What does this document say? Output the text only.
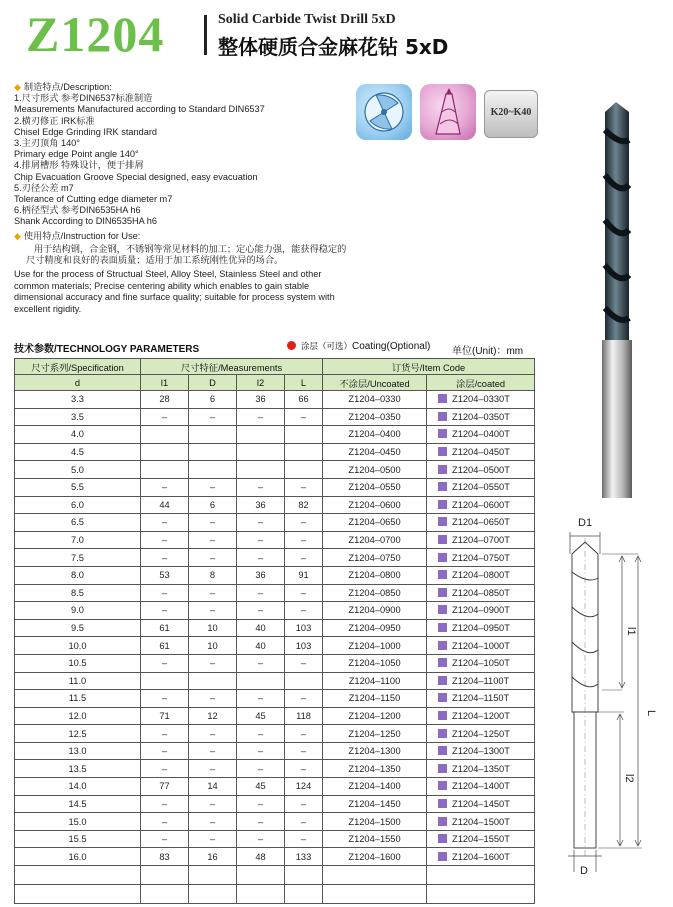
Z1204	Solid Carbide Twist Drill 5xD
整体硬质合金麻花钻 5xD
◆ 制造特点/Description:
1.尺寸形式 参考DIN6537标准制造
Measurements Manufactured according to Standard DIN6537
2.横刃修正 IRK标准
Chisel Edge Grinding IRK standard
3.主刃顶角 140°
Primary edge Point angle 140°
4.排屑槽形 特殊设计，便于排屑
Chip Evacuation Groove Special designed, easy evacuation
5.刃径公差 m7
Tolerance of Cutting edge diameter m7
6.柄径型式 参考DIN6535HA h6
Shank According to DIN6535HA h6
◆ 使用特点/Instruction for Use:
用于结构钢，合金钢，不锈钢等常见材料的加工；定心能力强，能获得稳定的尺寸精度和良好的表面质量；适用于加工系统刚性优异的场合。
Use for the process of Structual Steel, Alloy Steel, Stainless Steel and other common materials; Precise centering ability which enables to gain stable dimensional accuracy and fine surface quality; suitable for process system with excellent rigidity.
K20~K40
技术参数/TECHNOLOGY PARAMETERS	涂层（可选）Coating(Optional) 单位(Unit)：mm
尺寸系列/Specification	尺寸特征/Measurements				订货号/Item Code	
d	l1	D	l2	L	不涂层/Uncoated	涂层/coated
3.3	28	6	36	66	Z1204–0330	Z1204–0330T
3.5	–	–	–	–	Z1204–0350	Z1204–0350T
4.0					Z1204–0400	Z1204–0400T
4.5					Z1204–0450	Z1204–0450T
5.0					Z1204–0500	Z1204–0500T
5.5	–	–	–	–	Z1204–0550	Z1204–0550T
6.0	44	6	36	82	Z1204–0600	Z1204–0600T
6.5	–	–	–	–	Z1204–0650	Z1204–0650T
7.0	–	–	–	–	Z1204–0700	Z1204–0700T
7.5	–	–	–	–	Z1204–0750	Z1204–0750T
8.0	53	8	36	91	Z1204–0800	Z1204–0800T
8.5	–	–	–	–	Z1204–0850	Z1204–0850T
9.0	–	–	–	–	Z1204–0900	Z1204–0900T
9.5	61	10	40	103	Z1204–0950	Z1204–0950T
10.0	61	10	40	103	Z1204–1000	Z1204–1000T
10.5	–	–	–	–	Z1204–1050	Z1204–1050T
11.0					Z1204–1100	Z1204–1100T
11.5	–	–	–	–	Z1204–1150	Z1204–1150T
12.0	71	12	45	118	Z1204–1200	Z1204–1200T
12.5	–	–	–	–	Z1204–1250	Z1204–1250T
13.0	–	–	–	–	Z1204–1300	Z1204–1300T
13.5	–	–	–	–	Z1204–1350	Z1204–1350T
14.0	77	14	45	124	Z1204–1400	Z1204–1400T
14.5	–	–	–	–	Z1204–1450	Z1204–1450T
15.0	–	–	–	–	Z1204–1500	Z1204–1500T
15.5	–	–	–	–	Z1204–1550	Z1204–1550T
16.0	83	16	48	133	Z1204–1600	Z1204–1600T

D1
l1
L
l2
D
